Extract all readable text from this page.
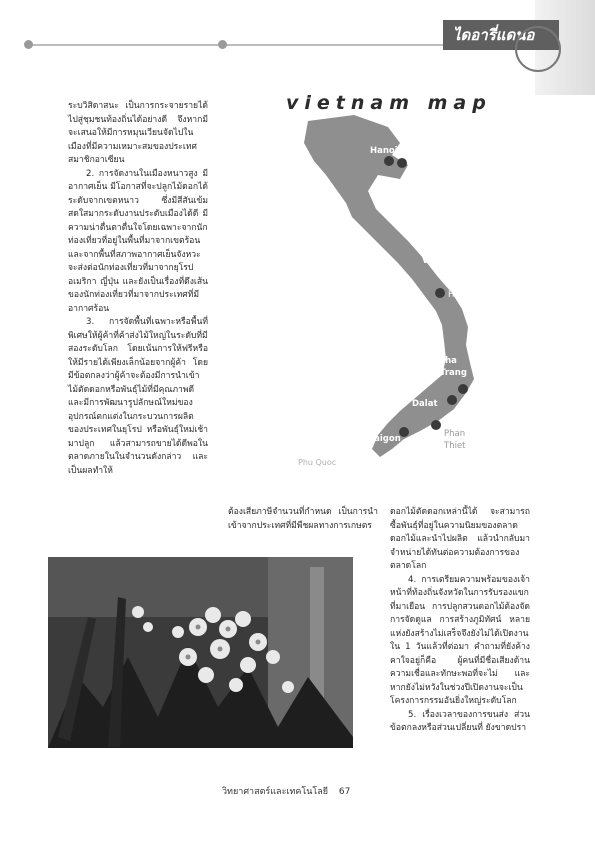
ไดอารี่แดนอวิทย์

ระบวิสิดาสนะ เป็นการกระจายรายได้ไปสู่ชุมชนท้องถิ่นได้อย่างดี จึงหากมีจะเสนอให้มีการหมุนเวียนจัดไปในเมืองที่มีความเหมาะสมของประเทศสมาชิกอาเซียน

2. การจัดงานในเมืองหนาวสูง มีอากาศเย็น มีโอกาสที่จะปลูกไม้ดอกได้ระดับจากเขตหนาว ซึ่งมีสีสันเข้มสดใสมากระดับงานประดับเมืองได้ดี มีความน่าตื่นตาตื่นใจโดยเฉพาะจากนักท่องเที่ยวที่อยู่ในพื้นที่มาจากเขตร้อนและจากพื้นที่สภาพอากาศเย็นจังหวะจะส่งต่อนักท่องเที่ยวที่มาจากยุโรป อเมริกา ญี่ปุ่น และยังเป็นเรื่องที่ดึงเส้นของนักท่องเที่ยวที่มาจากประเทศที่มีอากาศร้อน

3. การจัดพื้นที่เฉพาะหรือพื้นที่พิเศษให้ผู้ค้าที่ค้าส่งไม้ใหญ่ในระดับที่มีสองระดับโลก โดยเน้นการให้ฟรีหรือให้มีรายได้เพียงเล็กน้อยจากผู้ค้า โดยมีข้อตกลงว่าผู้ค้าจะต้องมีการนำเข้าไม้ตัดดอกหรือพันธุ์ไม้ที่มีคุณภาพดีและมีการพัฒนารูปลักษณ์ใหม่ของอุปกรณ์ตกแต่งในกระบวนการผลิตของประเทศในยุโรป หรือพันธุ์ใหม่เช้ามาปลูก แล้วสามารถขายได้ดีพอในตลาดภายในในจำนวนดังกล่าว และเป็นผลทำให้

ต้องเสียภาษีจำนวนที่กำหนด เป็นการนำเข้าจากประเทศที่มีพืชผลทางการเกษตร

ดอกไม้ตัดดอกเหล่านี้ได้ จะสามารถซื้อพันธุ์ที่อยู่ในความนิยมของตลาดดอกไม้และนำไปผลิต แล้วนำกลับมาจำหน่ายได้ทันต่อความต้องการของตลาดโลก

4. การเตรียมความพร้อมของเจ้าหน้าที่ท้องถิ่นจังหวัดในการรับรองแขกที่มาเยือน การปลูกสวนดอกไม้ต้องจัด การจัดดูแล การสร้างภูมิทัศน์ หลายแห่งยังสร้างไม่เสร็จจึงยังไม่ได้เปิดงานใน 1 วันแล้วที่ต่อมา คำถามที่ยังค้างคาใจอยู่ก็คือ ผู้คนที่มีชื่อเสียงด้านความเชื่อและทักษะพอที่จะไม่ และหากยังไม่หวังในช่วงปีเปิดงานจะเป็นโครงการกรรมอันยิ่งใหญ่ระดับโลก

5. เรื่องเวลาของการขนส่ง ส่วนข้อตกลงหรือส่วนเปลี่ยนที่ ยังขาดปรา

vietnam map
Hanoi
Hai Phong
Vietnam
Hoi An
Nha
Trang
Dalat
Phan
Thiet
Saigon
Phu Quoc
วิทยาศาสตร์และเทคโนโลยี 67
